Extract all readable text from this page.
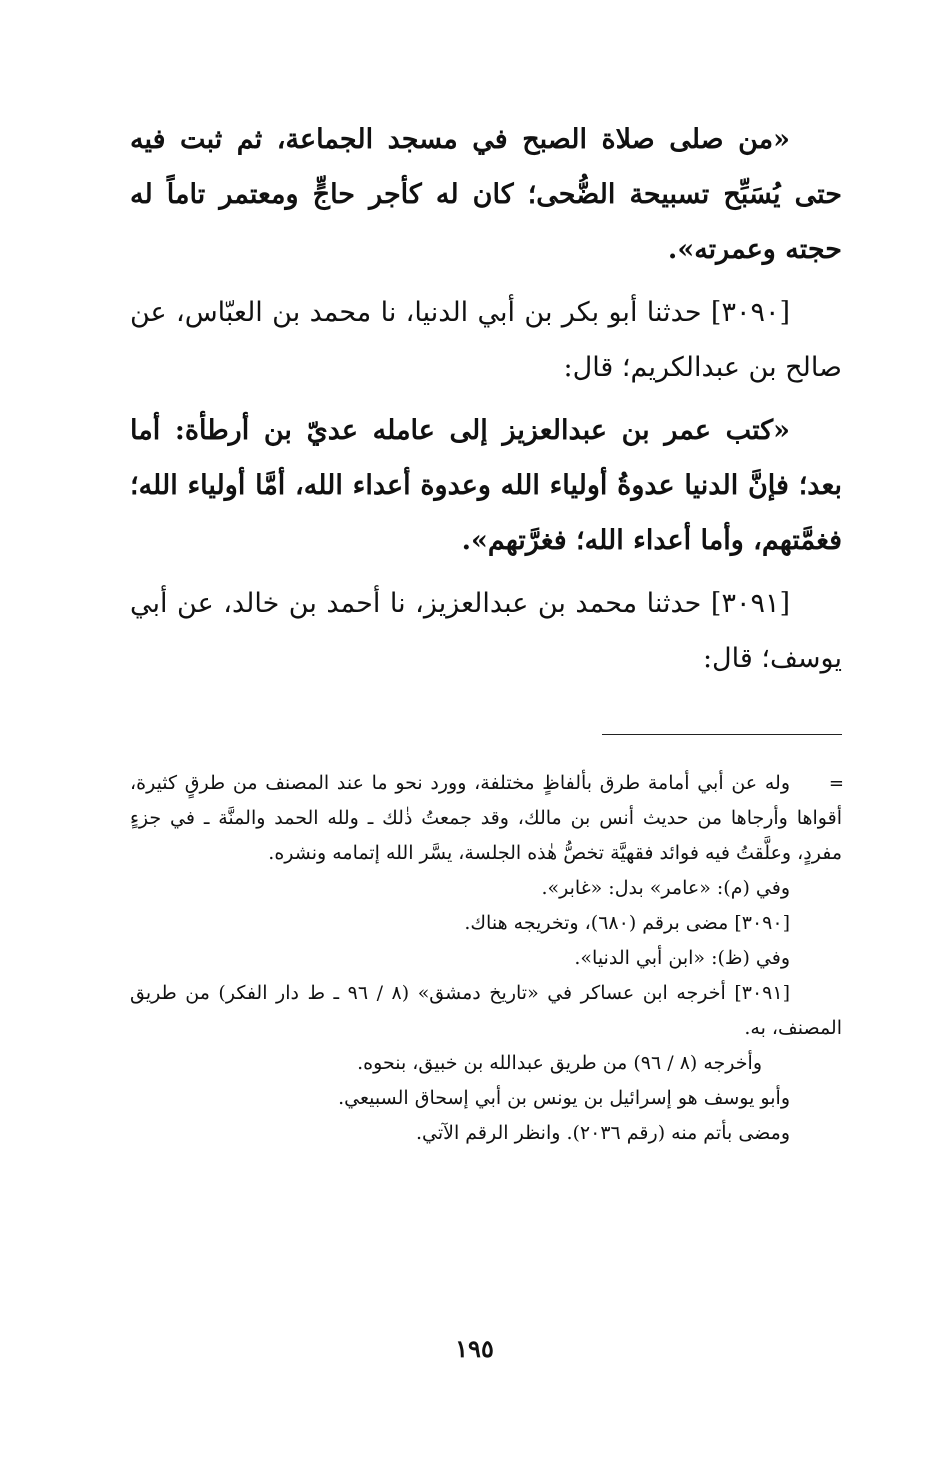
«من صلى صلاة الصبح في مسجد الجماعة، ثم ثبت فيه حتى يُسَبِّح تسبيحة الضُّحى؛ كان له كأجر حاجٍّ ومعتمر تاماً له حجته وعمرته».

[٣٠٩٠] حدثنا أبو بكر بن أبي الدنيا، نا محمد بن العبّاس، عن صالح بن عبدالكريم؛ قال:

«كتب عمر بن عبدالعزيز إلى عامله عديّ بن أرطأة: أما بعد؛ فإنَّ الدنيا عدوةُ أولياء الله وعدوة أعداء الله، أمَّا أولياء الله؛ فغمَّتهم، وأما أعداء الله؛ فغرَّتهم».

[٣٠٩١] حدثنا محمد بن عبدالعزيز، نا أحمد بن خالد، عن أبي يوسف؛ قال:

=
وله عن أبي أمامة طرق بألفاظٍ مختلفة، وورد نحو ما عند المصنف من طرقٍ كثيرة، أقواها وأرجاها من حديث أنس بن مالك، وقد جمعتُ ذٰلك ـ ولله الحمد والمنَّة ـ في جزءٍ مفردٍ، وعلَّقتُ فيه فوائد فقهيَّة تخصُّ هٰذه الجلسة، يسَّر الله إتمامه ونشره.

وفي (م): «عامر» بدل: «غابر».

[٣٠٩٠] مضى برقم (٦٨٠)، وتخريجه هناك.

وفي (ظ): «ابن أبي الدنيا».

[٣٠٩١] أخرجه ابن عساكر في «تاريخ دمشق» (٨ / ٩٦ ـ ط دار الفكر) من طريق المصنف، به.

وأخرجه (٨ / ٩٦) من طريق عبدالله بن خبيق، بنحوه.

وأبو يوسف هو إسرائيل بن يونس بن أبي إسحاق السبيعي.

ومضى بأتم منه (رقم ٢٠٣٦). وانظر الرقم الآتي.

١٩٥
